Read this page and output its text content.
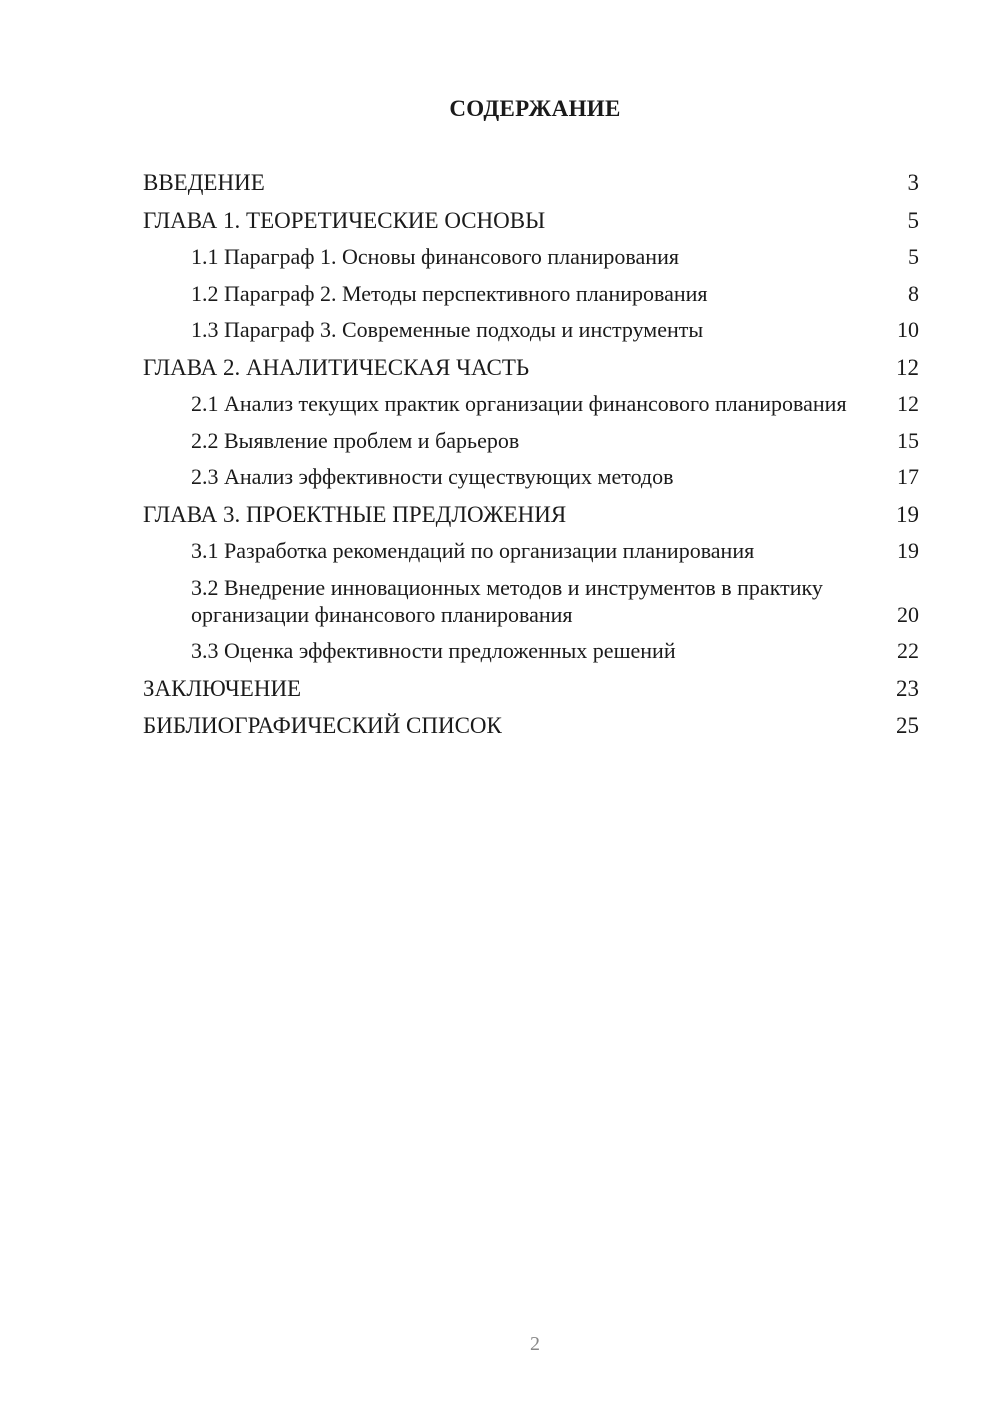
СОДЕРЖАНИЕ
ВВЕДЕНИЕ	3
ГЛАВА 1. ТЕОРЕТИЧЕСКИЕ ОСНОВЫ	5
1.1 Параграф 1. Основы финансового планирования	5
1.2 Параграф 2. Методы перспективного планирования	8
1.3 Параграф 3. Современные подходы и инструменты	10
ГЛАВА 2. АНАЛИТИЧЕСКАЯ ЧАСТЬ	12
2.1 Анализ текущих практик организации финансового планирования	12
2.2 Выявление проблем и барьеров	15
2.3 Анализ эффективности существующих методов	17
ГЛАВА 3. ПРОЕКТНЫЕ ПРЕДЛОЖЕНИЯ	19
3.1 Разработка рекомендаций по организации планирования	19
3.2 Внедрение инновационных методов и инструментов в практику организации финансового планирования	20
3.3 Оценка эффективности предложенных решений	22
ЗАКЛЮЧЕНИЕ	23
БИБЛИОГРАФИЧЕСКИЙ СПИСОК	25
2
